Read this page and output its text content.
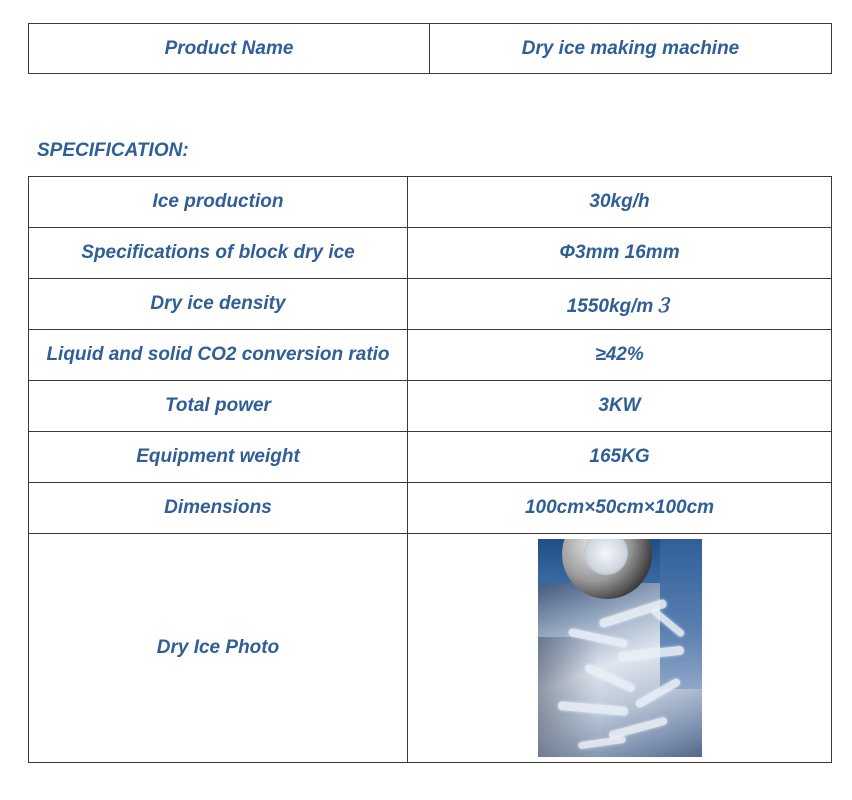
Product Name	Dry ice making machine

SPECIFICATION:

Ice production	30kg/h
Specifications of block dry ice	Φ3mm 16mm
Dry ice density	1550kg/m３
Liquid and solid CO2 conversion ratio	≥42%
Total power	3KW
Equipment weight	165KG
Dimensions	100cm×50cm×100cm
Dry Ice Photo	
